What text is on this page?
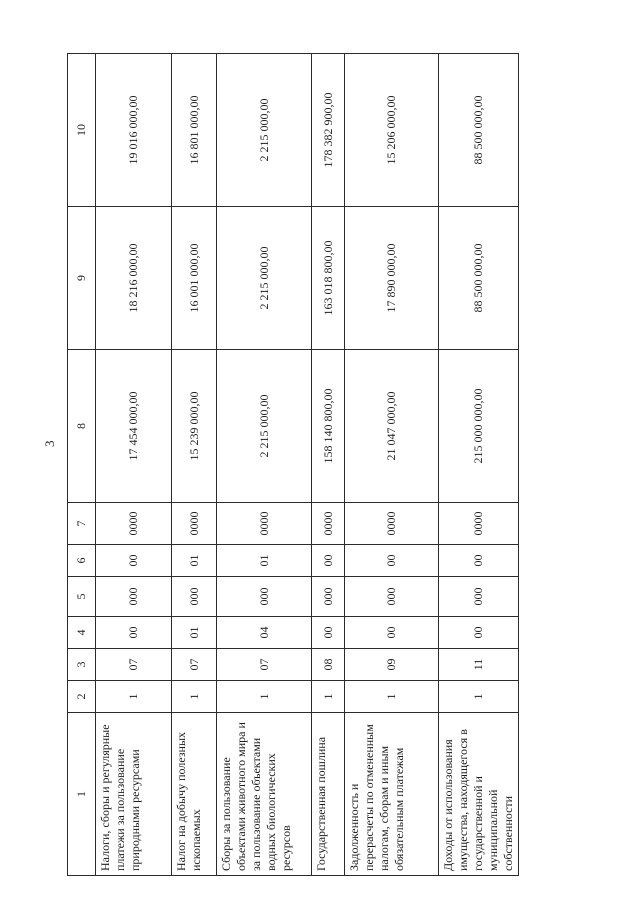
3
1	2	3	4	5	6	7	8	9	10
Налоги, сборы и регулярные платежи за пользование природными ресурсами	1	07	00	000	00	0000	17 454 000,00	18 216 000,00	19 016 000,00
Налог на добычу полезных ископаемых	1	07	01	000	01	0000	15 239 000,00	16 001 000,00	16 801 000,00
Сборы за пользование объектами животного мира и за пользование объектами водных биологических ресурсов	1	07	04	000	01	0000	2 215 000,00	2 215 000,00	2 215 000,00
Государственная пошлина	1	08	00	000	00	0000	158 140 800,00	163 018 800,00	178 382 900,00
Задолженность и перерасчеты по отмененным налогам, сборам и иным обязательным платежам	1	09	00	000	00	0000	21 047 000,00	17 890 000,00	15 206 000,00
Доходы от использования имущества, находящегося в государственной и муниципальной собственности	1	11	00	000	00	0000	215 000 000,00	88 500 000,00	88 500 000,00
